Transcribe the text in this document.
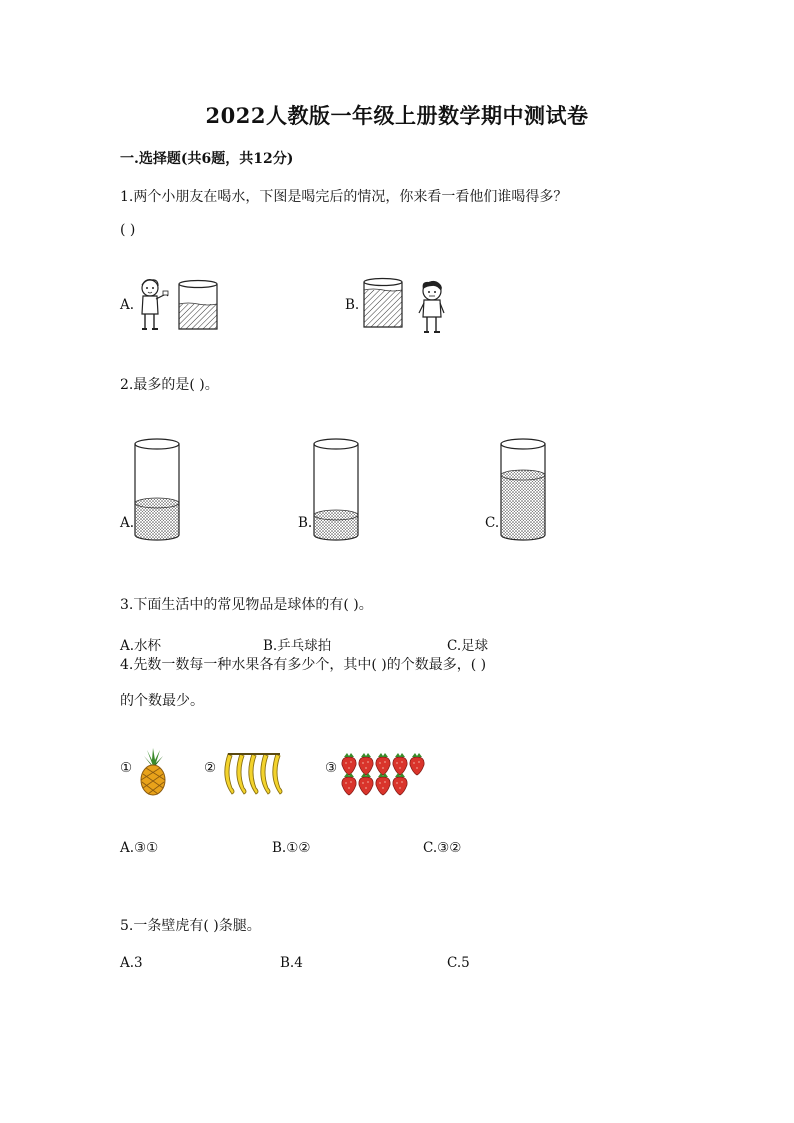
2022人教版一年级上册数学期中测试卷
一.选择题(共6题，共12分)
1.两个小朋友在喝水，下图是喝完后的情况，你来看一看他们谁喝得多？
( )
A.	B.
2.最多的是( )。
A.	B.	C.
3.下面生活中的常见物品是球体的有( )。
A.水杯	B.乒乓球拍	C.足球
4.先数一数每一种水果各有多少个，其中( )的个数最多，( )
的个数最少。
①	②	③
A.③①	B.①②	C.③②
5.一条壁虎有( )条腿。
A.3	B.4	C.5
